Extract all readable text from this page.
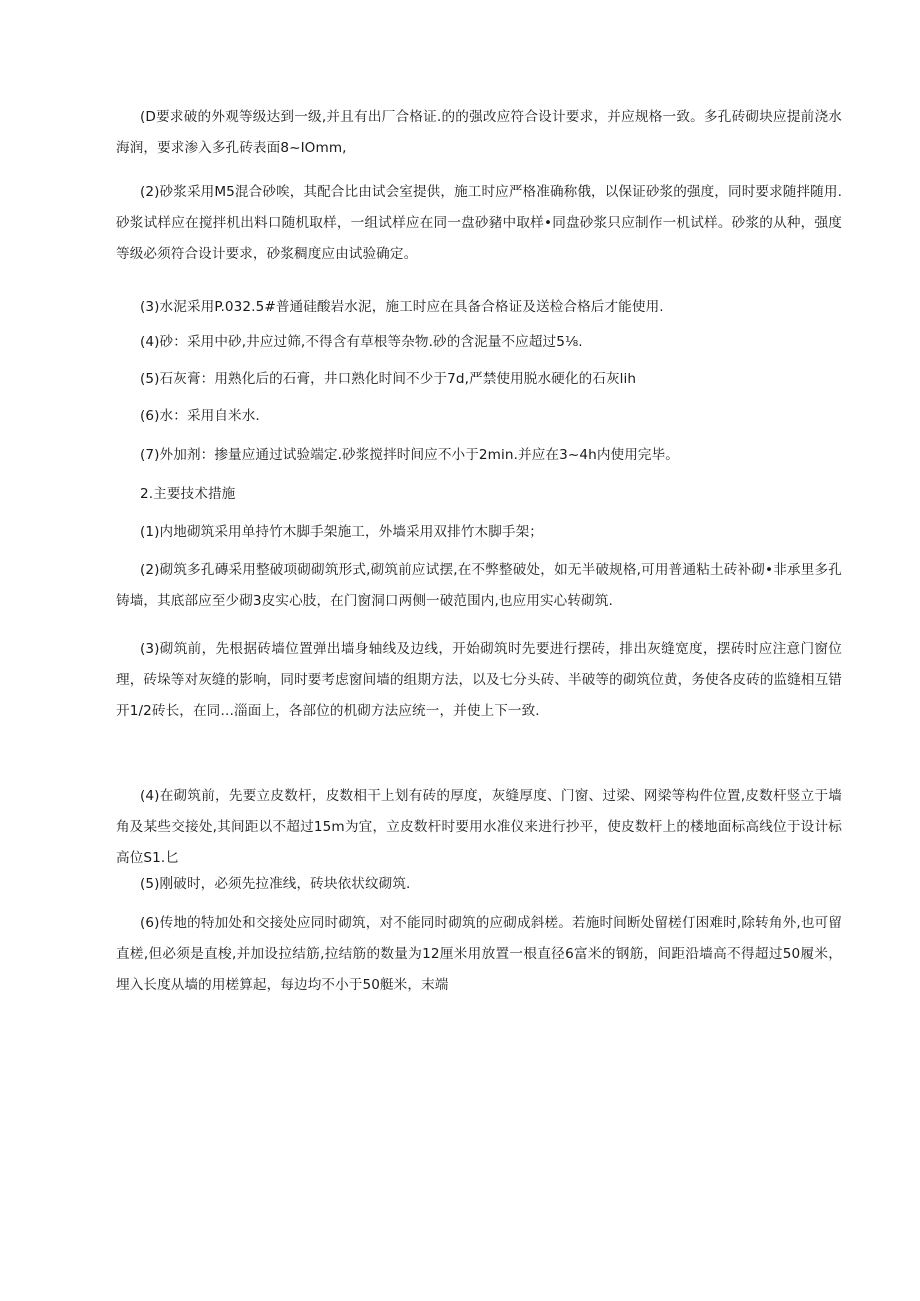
(D要求破的外观等级达到一级,并且有出厂合格证.的的强改应符合设计要求，并应规格一致。多孔砖砌块应提前浇水海润，要求渗入多孔砖表面8~IOmm,

(2)砂浆采用M5混合砂唉，其配合比由试会室提供，施工时应严格准确称俄，以保证砂浆的强度，同时要求随拌随用.砂浆试样应在搅拌机出料口随机取样，一组试样应在同一盘砂豬中取样•同盘砂浆只应制作一机试样。砂浆的从种，强度等级必须符合设计要求，砂浆稠度应由试验确定。

(3)水泥采用P.032.5#普通硅酸岩水泥，施工时应在具备合格证及送检合格后才能使用.

(4)砂：采用中砂,井应过筛,不得含有草根等杂物.砂的含泥量不应超过5⅛.

(5)石灰膏：用熟化后的石膏，井口熟化时间不少于7d,严禁使用脱水硬化的石灰lih

(6)水：采用自米水.

(7)外加剂：掺量应通过试验端定.砂浆搅拌时间应不小于2min.并应在3~4h内使用完毕。

2.主要技术措施

(1)内地砌筑采用单持竹木脚手架施工，外墙采用双排竹木脚手架；

(2)砌筑多孔磚采用整破项砌砌筑形式,砌筑前应试摆,在不弊整破处，如无半破规格,可用普通粘土砖补砌•非承里多孔铸墙，其底部应至少砌3皮实心肢，在门窗洞口两侧一破范围内,也应用实心转砌筑.

(3)砌筑前，先根据砖墙位置弹出墙身轴线及边线，开始砌筑时先要进行摆砖，排出灰缝宽度，摆砖时应注意门窗位理，砖垛等对灰缝的影响，同时要考虑窗间墙的组期方法，以及七分头砖、半破等的砌筑位黄，务使各皮砖的监缝相互错开1/2砖长，在同…淄面上，各部位的机砌方法应统一，并使上下一致.

(4)在砌筑前，先要立皮数杆，皮数相干上划有砖的厚度，灰缝厚度、门窗、过梁、网梁等构件位置,皮数杆竖立于墙角及某些交接处,其间距以不超过15m为宜，立皮数杆时要用水准仪来进行抄平，使皮数杆上的楼地面标高线位于设计标高位S1.匕

(5)刚破时，必须先拉准线，砖块依状纹砌筑.

(6)传地的特加处和交接处应同时砌筑，对不能同时砌筑的应砌成斜槎。若施时间断处留槎仃困难时,除转角外,也可留直槎,但必须是直梭,并加设拉结筋,拉结筋的数量为12厘米用放置一根直径6富米的钢筋，间距沿墙高不得超过50履米，埋入长度从墙的用槎算起，每边均不小于50艇米，末端
